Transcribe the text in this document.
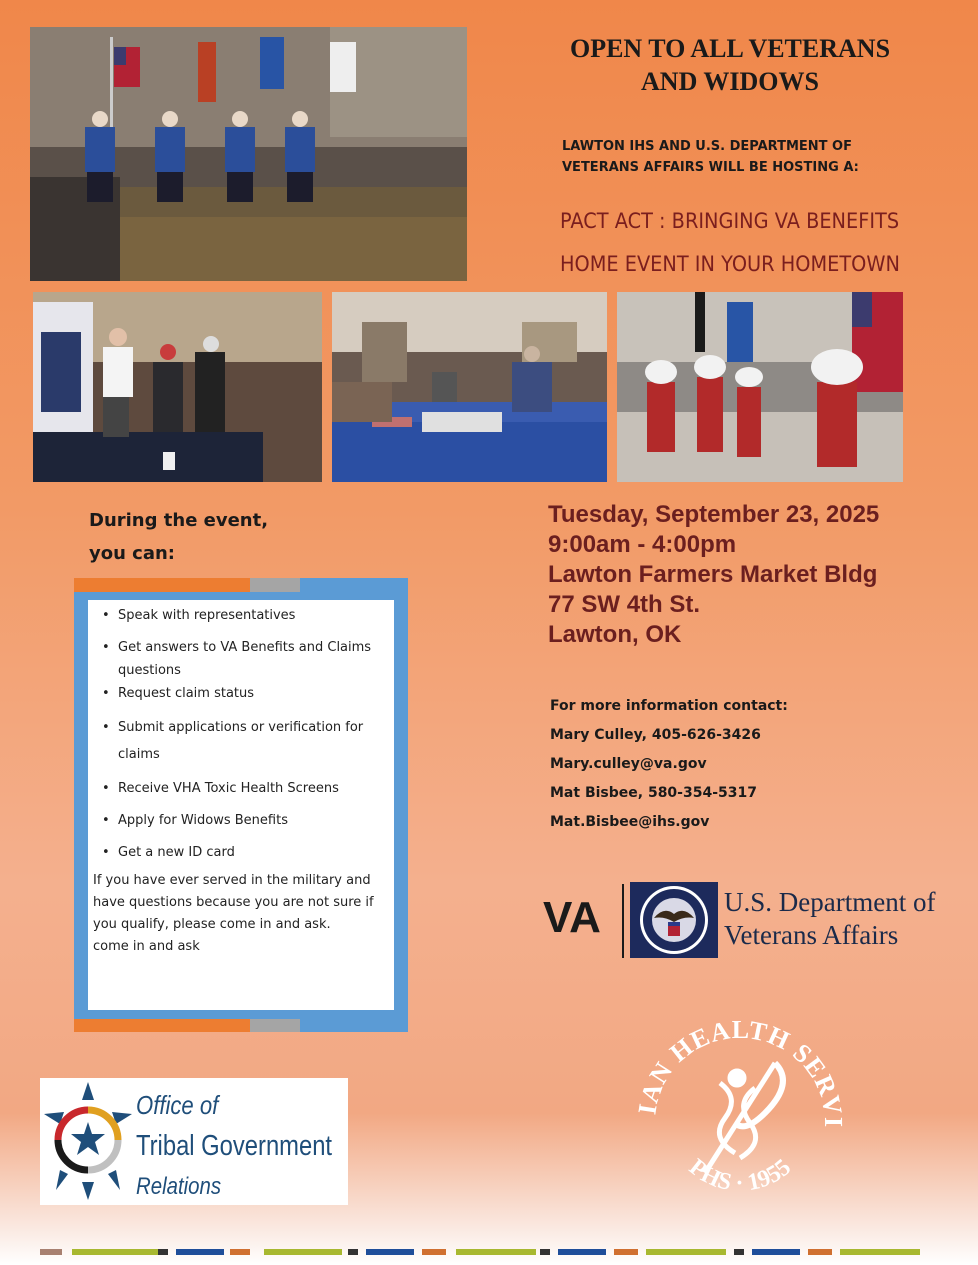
OPEN TO ALL VETERANS
AND WIDOWS
LAWTON IHS AND U.S. DEPARTMENT OF
VETERANS AFFAIRS WILL BE HOSTING A:
PACT ACT : BRINGING VA BENEFITS
HOME EVENT IN YOUR HOMETOWN
During the event,
you can:
• Speak with representatives
• Get answers to VA Benefits and Claims questions
• Request claim status
• Submit applications or verification for claims
• Receive VHA Toxic Health Screens
• Apply for Widows Benefits
• Get a new ID card
If you have ever served in the military and
have questions because you are not sure if
you qualify, please come in and ask.
come in and ask
Tuesday, September 23, 2025
9:00am - 4:00pm
Lawton Farmers Market Bldg
77 SW 4th St.
Lawton, OK
For more information contact:
Mary Culley, 405-626-3426
Mary.culley@va.gov
Mat Bisbee, 580-354-5317
Mat.Bisbee@ihs.gov
VA	U.S. Department of
Veterans Affairs
Office of
Tribal Government
Relations
IAN HEALTH SERVI
PHS · 1955
